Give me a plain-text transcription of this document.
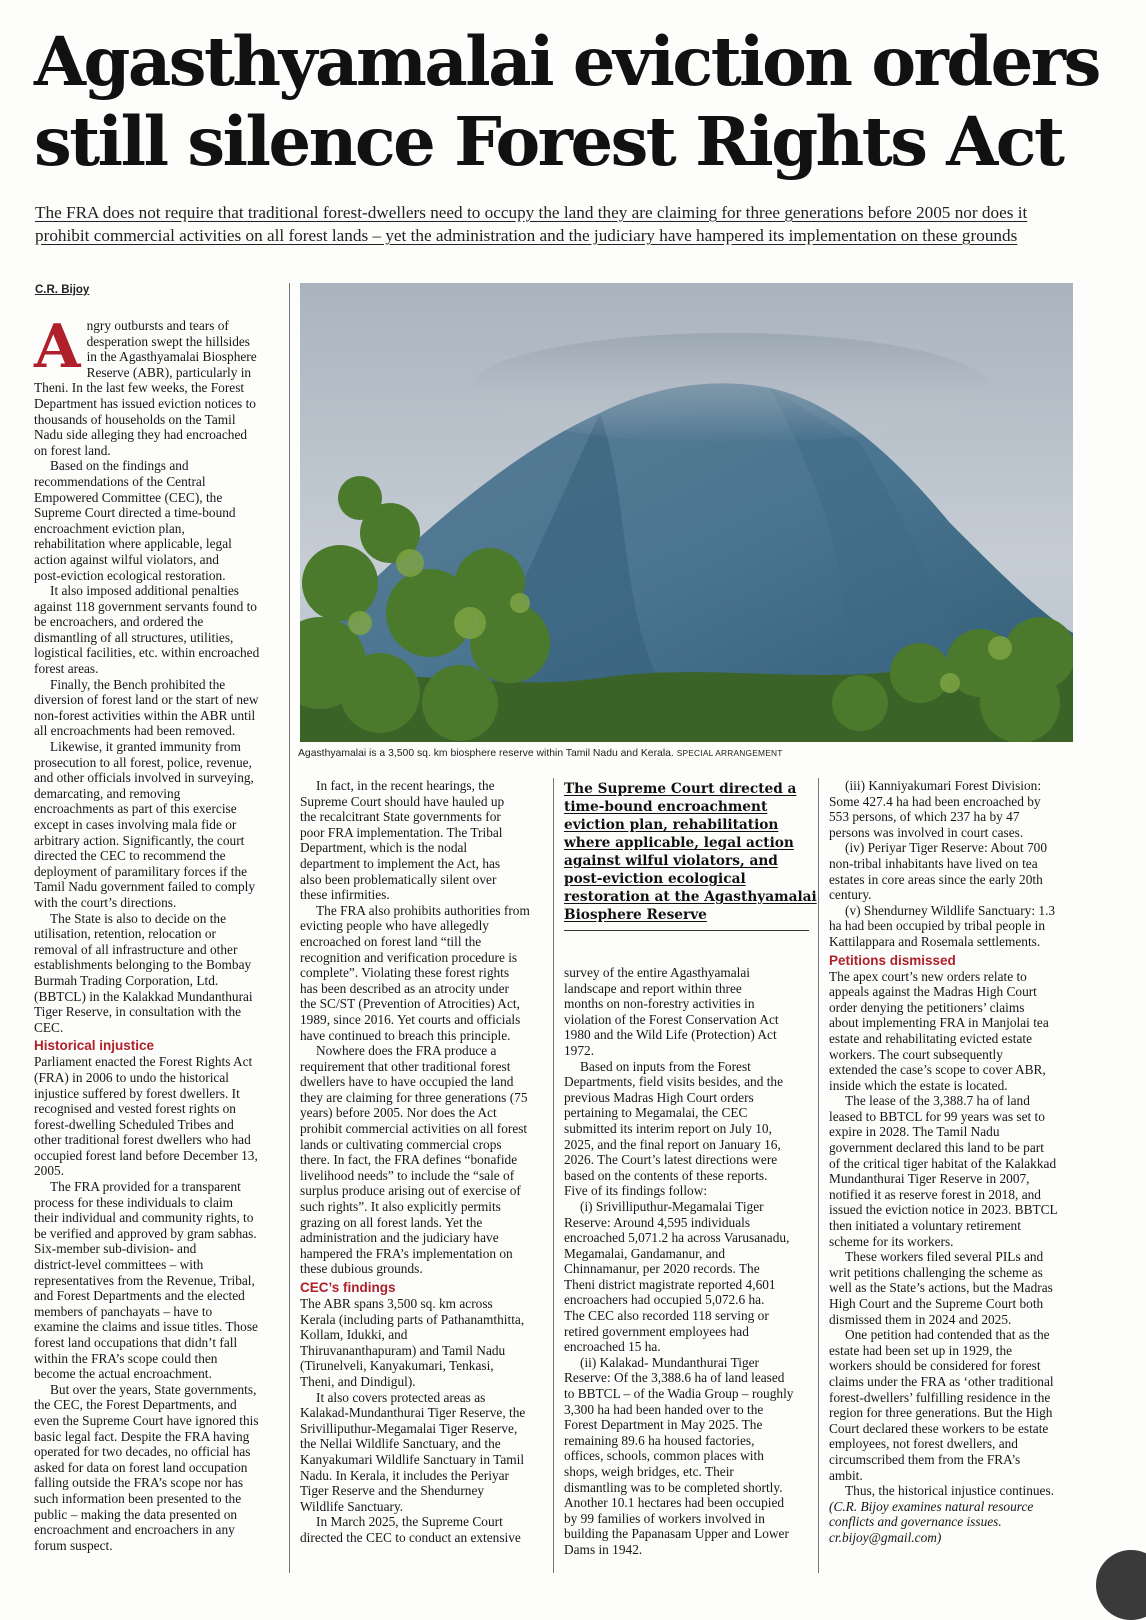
Agasthyamalai eviction orders
still silence Forest Rights Act
The FRA does not require that traditional forest-dwellers need to occupy the land they are claiming for three generations before 2005 nor does it
prohibit commercial activities on all forest lands – yet the administration and the judiciary have hampered its implementation on these grounds
C.R. Bijoy
Agasthyamalai is a 3,500 sq. km biosphere reserve within Tamil Nadu and Kerala. SPECIAL ARRANGEMENT
The Supreme Court directed a
time-bound encroachment
eviction plan, rehabilitation
where applicable, legal action
against wilful violators, and
post-eviction ecological
restoration at the Agasthyamalai
Biosphere Reserve
A ngry outbursts and tears of
desperation swept the hillsides
in the Agasthyamalai Biosphere
Reserve (ABR), particularly in
Theni. In the last few weeks, the Forest
Department has issued eviction notices to
thousands of households on the Tamil
Nadu side alleging they had encroached
on forest land.
Based on the findings and
recommendations of the Central
Empowered Committee (CEC), the
Supreme Court directed a time-bound
encroachment eviction plan,
rehabilitation where applicable, legal
action against wilful violators, and
post-eviction ecological restoration.
It also imposed additional penalties
against 118 government servants found to
be encroachers, and ordered the
dismantling of all structures, utilities,
logistical facilities, etc. within encroached
forest areas.
Finally, the Bench prohibited the
diversion of forest land or the start of new
non-forest activities within the ABR until
all encroachments had been removed.
Likewise, it granted immunity from
prosecution to all forest, police, revenue,
and other officials involved in surveying,
demarcating, and removing
encroachments as part of this exercise
except in cases involving mala fide or
arbitrary action. Significantly, the court
directed the CEC to recommend the
deployment of paramilitary forces if the
Tamil Nadu government failed to comply
with the court’s directions.
The State is also to decide on the
utilisation, retention, relocation or
removal of all infrastructure and other
establishments belonging to the Bombay
Burmah Trading Corporation, Ltd.
(BBTCL) in the Kalakkad Mundanthurai
Tiger Reserve, in consultation with the
CEC.
Historical injustice
Parliament enacted the Forest Rights Act
(FRA) in 2006 to undo the historical
injustice suffered by forest dwellers. It
recognised and vested forest rights on
forest-dwelling Scheduled Tribes and
other traditional forest dwellers who had
occupied forest land before December 13,
2005.
The FRA provided for a transparent
process for these individuals to claim
their individual and community rights, to
be verified and approved by gram sabhas.
Six-member sub-division- and
district-level committees – with
representatives from the Revenue, Tribal,
and Forest Departments and the elected
members of panchayats – have to
examine the claims and issue titles. Those
forest land occupations that didn’t fall
within the FRA’s scope could then
become the actual encroachment.
But over the years, State governments,
the CEC, the Forest Departments, and
even the Supreme Court have ignored this
basic legal fact. Despite the FRA having
operated for two decades, no official has
asked for data on forest land occupation
falling outside the FRA’s scope nor has
such information been presented to the
public – making the data presented on
encroachment and encroachers in any
forum suspect.
In fact, in the recent hearings, the
Supreme Court should have hauled up
the recalcitrant State governments for
poor FRA implementation. The Tribal
Department, which is the nodal
department to implement the Act, has
also been problematically silent over
these infirmities.
The FRA also prohibits authorities from
evicting people who have allegedly
encroached on forest land “till the
recognition and verification procedure is
complete”. Violating these forest rights
has been described as an atrocity under
the SC/ST (Prevention of Atrocities) Act,
1989, since 2016. Yet courts and officials
have continued to breach this principle.
Nowhere does the FRA produce a
requirement that other traditional forest
dwellers have to have occupied the land
they are claiming for three generations (75
years) before 2005. Nor does the Act
prohibit commercial activities on all forest
lands or cultivating commercial crops
there. In fact, the FRA defines “bonafide
livelihood needs” to include the “sale of
surplus produce arising out of exercise of
such rights”. It also explicitly permits
grazing on all forest lands. Yet the
administration and the judiciary have
hampered the FRA’s implementation on
these dubious grounds.
CEC’s findings
The ABR spans 3,500 sq. km across
Kerala (including parts of Pathanamthitta,
Kollam, Idukki, and
Thiruvananthapuram) and Tamil Nadu
(Tirunelveli, Kanyakumari, Tenkasi,
Theni, and Dindigul).
It also covers protected areas as
Kalakad-Mundanthurai Tiger Reserve, the
Srivilliputhur-Megamalai Tiger Reserve,
the Nellai Wildlife Sanctuary, and the
Kanyakumari Wildlife Sanctuary in Tamil
Nadu. In Kerala, it includes the Periyar
Tiger Reserve and the Shendurney
Wildlife Sanctuary.
In March 2025, the Supreme Court
directed the CEC to conduct an extensive
survey of the entire Agasthyamalai
landscape and report within three
months on non-forestry activities in
violation of the Forest Conservation Act
1980 and the Wild Life (Protection) Act
1972.
Based on inputs from the Forest
Departments, field visits besides, and the
previous Madras High Court orders
pertaining to Megamalai, the CEC
submitted its interim report on July 10,
2025, and the final report on January 16,
2026. The Court’s latest directions were
based on the contents of these reports.
Five of its findings follow:
(i) Srivilliputhur-Megamalai Tiger
Reserve: Around 4,595 individuals
encroached 5,071.2 ha across Varusanadu,
Megamalai, Gandamanur, and
Chinnamanur, per 2020 records. The
Theni district magistrate reported 4,601
encroachers had occupied 5,072.6 ha.
The CEC also recorded 118 serving or
retired government employees had
encroached 15 ha.
(ii) Kalakad- Mundanthurai Tiger
Reserve: Of the 3,388.6 ha of land leased
to BBTCL – of the Wadia Group – roughly
3,300 ha had been handed over to the
Forest Department in May 2025. The
remaining 89.6 ha housed factories,
offices, schools, common places with
shops, weigh bridges, etc. Their
dismantling was to be completed shortly.
Another 10.1 hectares had been occupied
by 99 families of workers involved in
building the Papanasam Upper and Lower
Dams in 1942.
(iii) Kanniyakumari Forest Division:
Some 427.4 ha had been encroached by
553 persons, of which 237 ha by 47
persons was involved in court cases.
(iv) Periyar Tiger Reserve: About 700
non-tribal inhabitants have lived on tea
estates in core areas since the early 20th
century.
(v) Shendurney Wildlife Sanctuary: 1.3
ha had been occupied by tribal people in
Kattilappara and Rosemala settlements.
Petitions dismissed
The apex court’s new orders relate to
appeals against the Madras High Court
order denying the petitioners’ claims
about implementing FRA in Manjolai tea
estate and rehabilitating evicted estate
workers. The court subsequently
extended the case’s scope to cover ABR,
inside which the estate is located.
The lease of the 3,388.7 ha of land
leased to BBTCL for 99 years was set to
expire in 2028. The Tamil Nadu
government declared this land to be part
of the critical tiger habitat of the Kalakkad
Mundanthurai Tiger Reserve in 2007,
notified it as reserve forest in 2018, and
issued the eviction notice in 2023. BBTCL
then initiated a voluntary retirement
scheme for its workers.
These workers filed several PILs and
writ petitions challenging the scheme as
well as the State’s actions, but the Madras
High Court and the Supreme Court both
dismissed them in 2024 and 2025.
One petition had contended that as the
estate had been set up in 1929, the
workers should be considered for forest
claims under the FRA as ‘other traditional
forest-dwellers’ fulfilling residence in the
region for three generations. But the High
Court declared these workers to be estate
employees, not forest dwellers, and
circumscribed them from the FRA’s
ambit.
Thus, the historical injustice continues.
(C.R. Bijoy examines natural resource
conflicts and governance issues.
cr.bijoy@gmail.com)
